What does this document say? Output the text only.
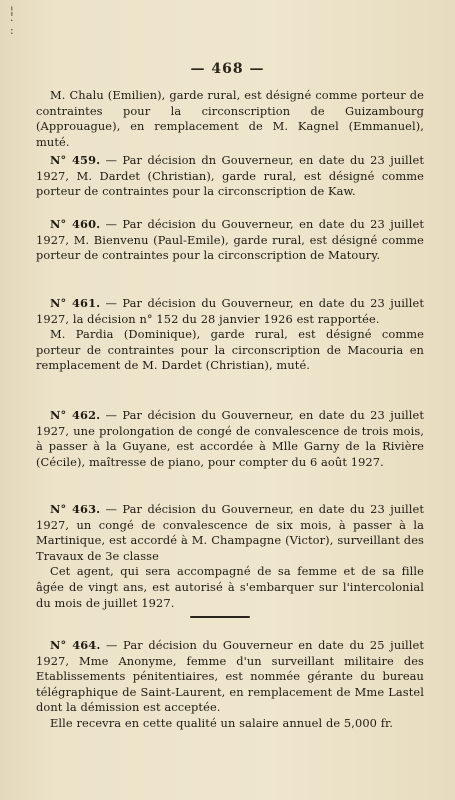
¦
·
:
— 468 —

M. Chalu (Emilien), garde rural, est désigné comme porteur de contraintes pour la circonscription de Guizambourg (Approuague), en remplacement de M. Kagnel (Emmanuel), muté.

N° 459. — Par décision dn Gouverneur, en date du 23 juillet 1927, M. Dardet (Christian), garde rural, est désigné comme porteur de contraintes pour la circonscription de Kaw.

N° 460. — Par décision du Gouverneur, en date du 23 juillet 1927, M. Bienvenu (Paul-Emile), garde rural, est désigné comme porteur de contraintes pour la circonscription de Matoury.

N° 461. — Par décision du Gouverneur, en date du 23 juillet 1927, la décision n° 152 du 28 janvier 1926 est rapportée.

M. Pardia (Dominique), garde rural, est désigné comme porteur de contraintes pour la circonscription de Macouria en remplacement de M. Dardet (Christian), muté.

N° 462. — Par décision du Gouverneur, en date du 23 juillet 1927, une prolongation de congé de convalescence de trois mois, à passer à la Guyane, est accordée à Mlle Garny de la Rivière (Cécile), maîtresse de piano, pour compter du 6 août 1927.

N° 463. — Par décision du Gouverneur, en date du 23 juillet 1927, un congé de convalescence de six mois, à passer à la Martinique, est accordé à M. Champagne (Victor), surveillant des Travaux de 3e classe

Cet agent, qui sera accompagné de sa femme et de sa fille âgée de vingt ans, est autorisé à s'embarquer sur l'intercolonial du mois de juillet 1927.

N° 464. — Par décision du Gouverneur en date du 25 juillet 1927, Mme Anonyme, femme d'un surveillant militaire des Etablissements pénitentiaires, est nommée gérante du bureau télégraphique de Saint-Laurent, en remplacement de Mme Lastel dont la démission est acceptée.

Elle recevra en cette qualité un salaire annuel de 5,000 fr.
